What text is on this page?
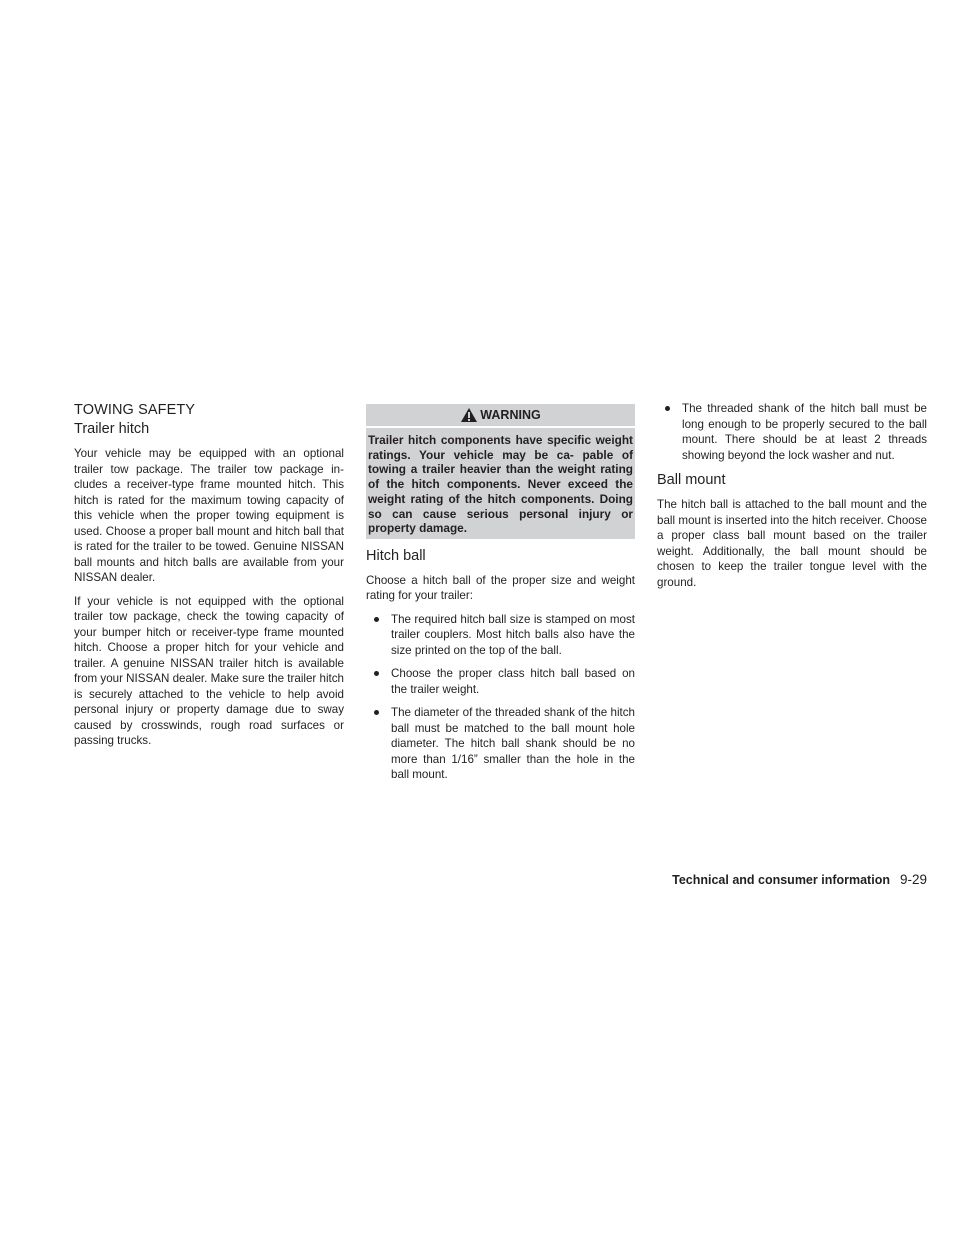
TOWING SAFETY
Trailer hitch

Your vehicle may be equipped with an optional trailer tow package. The trailer tow package in- cludes a receiver-type frame mounted hitch. This hitch is rated for the maximum towing capacity of this vehicle when the proper towing equipment is used. Choose a proper ball mount and hitch ball that is rated for the trailer to be towed. Genuine NISSAN ball mounts and hitch balls are available from your NISSAN dealer.

If your vehicle is not equipped with the optional trailer tow package, check the towing capacity of your bumper hitch or receiver-type frame mounted hitch. Choose a proper hitch for your vehicle and trailer. A genuine NISSAN trailer hitch is available from your NISSAN dealer. Make sure the trailer hitch is securely attached to the vehicle to help avoid personal injury or property damage due to sway caused by crosswinds, rough road surfaces or passing trucks.

WARNING
Trailer hitch components have specific weight ratings. Your vehicle may be ca- pable of towing a trailer heavier than the weight rating of the hitch components. Never exceed the weight rating of the hitch components. Doing so can cause serious personal injury or property damage.
Hitch ball

Choose a hitch ball of the proper size and weight rating for your trailer:

The required hitch ball size is stamped on most trailer couplers. Most hitch balls also have the size printed on the top of the ball.
Choose the proper class hitch ball based on the trailer weight.
The diameter of the threaded shank of the hitch ball must be matched to the ball mount hole diameter. The hitch ball shank should be no more than 1/16” smaller than the hole in the ball mount.
The threaded shank of the hitch ball must be long enough to be properly secured to the ball mount. There should be at least 2 threads showing beyond the lock washer and nut.
Ball mount

The hitch ball is attached to the ball mount and the ball mount is inserted into the hitch receiver. Choose a proper class ball mount based on the trailer weight. Additionally, the ball mount should be chosen to keep the trailer tongue level with the ground.

Technical and consumer information 9-29
